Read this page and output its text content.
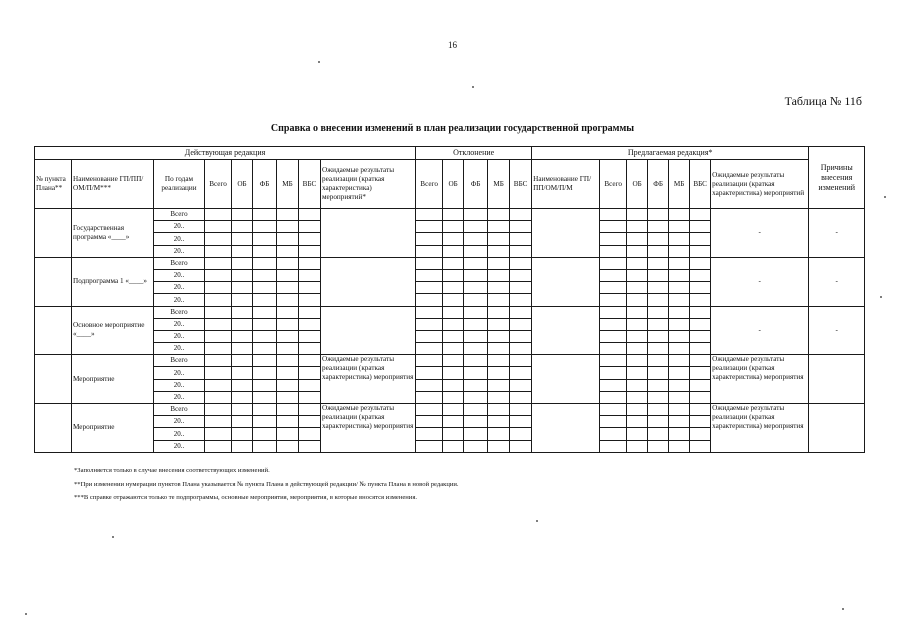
16
Таблица № 11б
Справка о внесении изменений в план реализации государственной программы
Действующая редакция									Отклонение					Предлагаемая редакция*							Причины внесения изменений
№ пункта Плана**	Наименование ГП/ПП/ОМ/П/М***	По годам реализации	Всего	ОБ	ФБ	МБ	ВБС	Ожидаемые результаты реализации (краткая характеристика) мероприятий*	Всего	ОБ	ФБ	МБ	ВБС	Наименование ГП/ПП/ОМ/П/М	Всего	ОБ	ФБ	МБ	ВБС	Ожидаемые результаты реализации (краткая характеристика) мероприятий	
	Государственная программа «____»	Всего																		-	-
		20..																			
		20..																			
		20..																			
	Подпрограмма 1 «____»	Всего																		-	-
		20..																			
		20..																			
		20..																			
	Основное мероприятие «____»	Всего																		-	-
		20..																			
		20..																			
		20..																			
	Мероприятие	Всего						Ожидаемые результаты реализации (краткая характеристика) мероприятия												Ожидаемые результаты реализации (краткая характеристика) мероприятия	
		20..																			
		20..																			
		20..																			
	Мероприятие	Всего						Ожидаемые результаты реализации (краткая характеристика) мероприятия												Ожидаемые результаты реализации (краткая характеристика) мероприятия	
		20..																			
		20..																			
		20..																			
*Заполняется только в случае внесения соответствующих изменений.
**При изменении нумерации пунктов Плана указывается № пункта Плана в действующей редакции/ № пункта Плана в новой редакции.
***В справке отражаются только те подпрограммы, основные мероприятия, мероприятия, в которые вносятся изменения.
